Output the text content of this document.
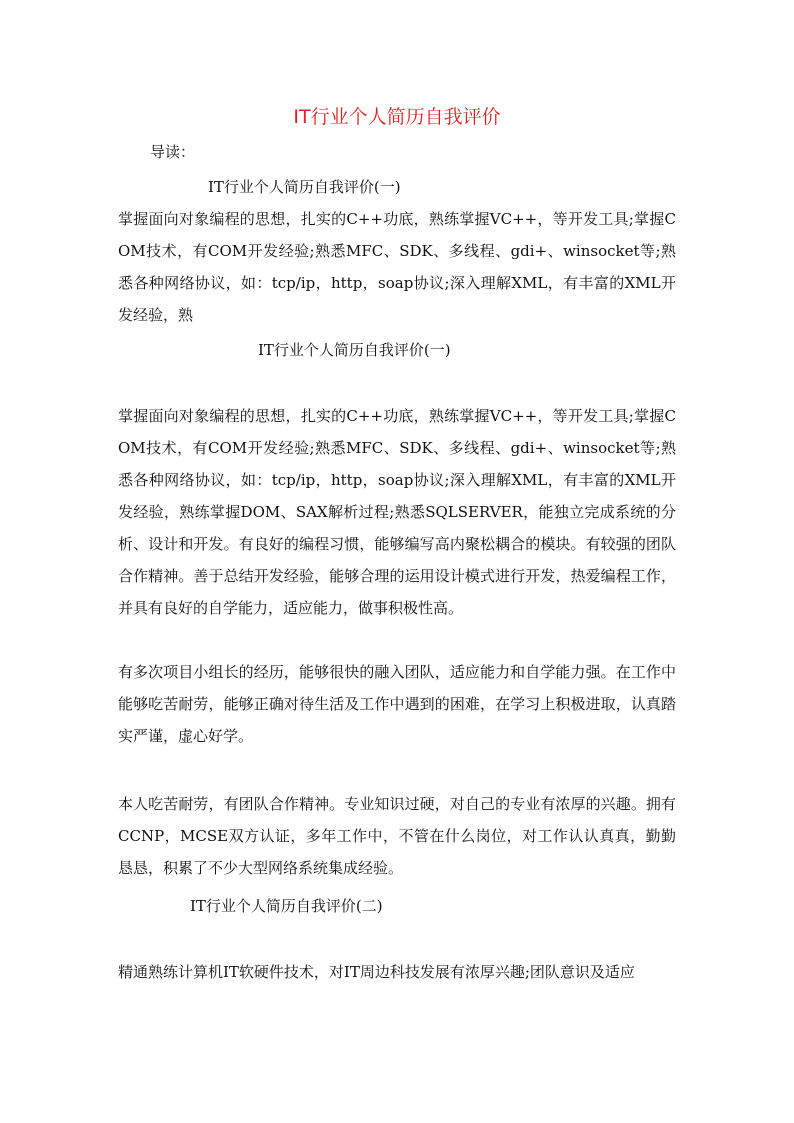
IT行业个人简历自我评价

导读：

IT行业个人简历自我评价(一)

掌握面向对象编程的思想，扎实的C++功底，熟练掌握VC++，等开发工具;掌握COM技术，有COM开发经验;熟悉MFC、SDK、多线程、gdi+、winsocket等;熟悉各种网络协议，如：tcp/ip，http，soap协议;深入理解XML，有丰富的XML开发经验，熟

IT行业个人简历自我评价(一)

掌握面向对象编程的思想，扎实的C++功底，熟练掌握VC++，等开发工具;掌握COM技术，有COM开发经验;熟悉MFC、SDK、多线程、gdi+、winsocket等;熟悉各种网络协议，如：tcp/ip，http，soap协议;深入理解XML，有丰富的XML开发经验，熟练掌握DOM、SAX解析过程;熟悉SQLSERVER，能独立完成系统的分析、设计和开发。有良好的编程习惯，能够编写高内聚松耦合的模块。有较强的团队合作精神。善于总结开发经验，能够合理的运用设计模式进行开发，热爱编程工作，并具有良好的自学能力，适应能力，做事积极性高。

有多次项目小组长的经历，能够很快的融入团队，适应能力和自学能力强。在工作中能够吃苦耐劳，能够正确对待生活及工作中遇到的困难，在学习上积极进取，认真踏实严谨，虚心好学。

本人吃苦耐劳，有团队合作精神。专业知识过硬，对自己的专业有浓厚的兴趣。拥有CCNP，MCSE双方认证，多年工作中，不管在什么岗位，对工作认认真真，勤勤恳恳，积累了不少大型网络系统集成经验。

IT行业个人简历自我评价(二)

精通熟练计算机IT软硬件技术，对IT周边科技发展有浓厚兴趣;团队意识及适应
